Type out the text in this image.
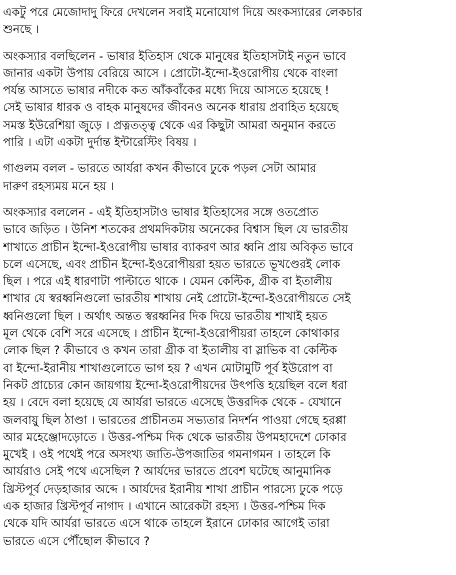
একটু পরে মেজোদাদু ফিরে দেখলেন সবাই মনোযোগ দিয়ে অংকস্যারের লেকচার
শুনছে ।
অংকস্যার বলছিলেন - ভাষার ইতিহাস থেকে মানুষের ইতিহাসটাই নতুন ভাবে
জানার একটা উপায় বেরিয়ে আসে । প্রোটো-ইন্দো-ইওরোপীয় থেকে বাংলা
পর্যন্ত আসতে ভাষার নদীকে কত আঁকবাঁকের মধ্যে দিয়ে আসতে হয়েছে !
সেই ভাষার ধারক ও বাহক মানুষদের জীবনও অনেক ধারায় প্রবাহিত হয়েছে
সমস্ত ইউরেশিয়া জুড়ে । প্রত্নতত্ত্ব থেকে এর কিছুটা আমরা অনুমান করতে
পারি । এটা একটা দুর্দান্ত ইন্টারেস্টিং বিষয় ।
গাগুলম বলল - ভারতে আর্যরা কখন কীভাবে ঢুকে পড়ল সেটা আমার
দারুণ রহস্যময় মনে হয় ।
অংকস্যার বললেন - এই ইতিহাসটাও ভাষার ইতিহাসের সঙ্গে ওতপ্রোত
ভাবে জড়িত । উনিশ শতকের প্রথমদিকটায় অনেকের বিশ্বাস ছিল যে ভারতীয়
শাখাতে প্রাচীন ইন্দো-ইওরোপীয় ভাষার ব্যাকরণ আর ধ্বনি প্রায় অবিকৃত ভাবে
চলে এসেছে, এবং প্রাচীন ইন্দো-ইওরোপীয়রা হয়ত ভারতে ভূখণ্ডেরই লোক
ছিল । পরে এই ধারণাটা পাল্টাতে থাকে । যেমন কেল্টিক, গ্রীক বা ইতালীয়
শাখার যে স্বরধ্বনিগুলো ভারতীয় শাখায় নেই প্রোটো-ইন্দো-ইওরোপীয়তে সেই
ধ্বনিগুলো ছিল । অর্থাৎ অন্তত স্বরধ্বনির দিক দিয়ে ভারতীয় শাখাই হয়ত
মূল থেকে বেশি সরে এসেছে । প্রাচীন ইন্দো-ইওরোপীয়রা তাহলে কোথাকার
লোক ছিল ? কীভাবে ও কখন তারা গ্রীক বা ইতালীয় বা স্লাভিক বা কেল্টিক
বা ইন্দো-ইরানীয় শাখাগুলোতে ভাগ হয় ? এখন মোটামুটি পূর্ব ইউরোপ বা
নিকট প্রাচ্যের কোন জায়গায় ইন্দো-ইওরোপীয়দের উৎপত্তি হয়েছিল বলে ধরা
হয় । বেদে বলা হয়েছে যে আর্যরা ভারতে এসেছে উত্তরদিক থেকে - যেখানে
জলবায়ু ছিল ঠাণ্ডা । ভারতের প্রাচীনতম সভ্যতার নিদর্শন পাওয়া গেছে হরপ্পা
আর মহেঞ্জোদড়োতে । উত্তর-পশ্চিম দিক থেকে ভারতীয় উপমহাদেশে ঢোকার
মুখেই । ওই পথেই পরে অসংখ্য জাতি-উপজাতির গমনাগমন । তাহলে কি
আর্যরাও সেই পথে এসেছিল ? আর্যদের ভারতে প্রবেশ ঘটেছে আনুমানিক
খ্রিস্টপূর্ব দেড়হাজার অব্দে । আর্যদের ইরানীয় শাখা প্রাচীন পারস্যে ঢুকে পড়ে
এক হাজার খ্রিস্টপূর্ব নাগাদ । এখানে আরেকটা রহস্য । উত্তর-পশ্চিম দিক
থেকে যদি আর্যরা ভারতে এসে থাকে তাহলে ইরানে ঢোকার আগেই তারা
ভারতে এসে পৌঁছোল কীভাবে ?
